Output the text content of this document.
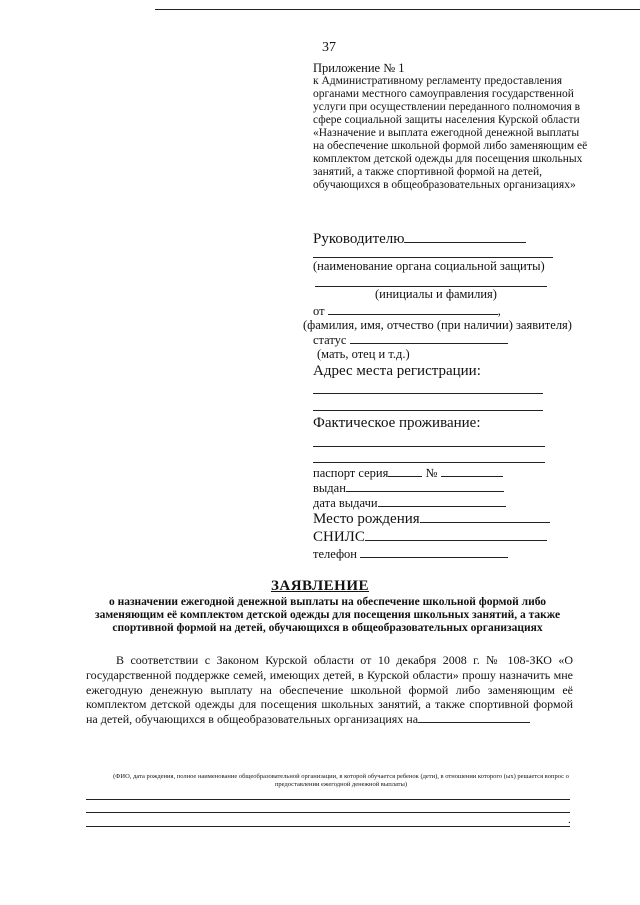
37
Приложение № 1
к Административному регламенту предоставления органами местного самоуправления государственной услуги при осуществлении переданного полномочия в сфере социальной защиты населения Курской области «Назначение и выплата ежегодной денежной выплаты на обеспечение школьной формой либо заменяющим её комплектом детской одежды для посещения школьных занятий, а также спортивной формой на детей, обучающихся в общеобразовательных организациях»
Руководителю
(наименование органа социальной защиты)
(инициалы и фамилия)
от	,
(фамилия, имя, отчество (при наличии) заявителя)
статус
(мать, отец и т.д.)
Адрес места регистрации:
Фактическое проживание:
паспорт серия	№
выдан
дата выдачи
Место рождения
СНИЛС
телефон
ЗАЯВЛЕНИЕ
о назначении ежегодной денежной выплаты на обеспечение школьной формой либо заменяющим её комплектом детской одежды для посещения школьных занятий, а также спортивной формой на детей, обучающихся в общеобразовательных организациях
В соответствии с Законом Курской области от 10 декабря 2008 г. № 108-ЗКО «О государственной поддержке семей, имеющих детей, в Курской области» прошу назначить мне ежегодную денежную выплату на обеспечение школьной формой либо заменяющим её комплектом детской одежды для посещения школьных занятий, а также спортивной формой на детей, обучающихся в общеобразовательных организациях на
(ФИО, дата рождения, полное наименование общеобразовательной организации, в которой обучается ребенок (дети), в отношении которого (ых) решается вопрос о предоставлении ежегодной денежной выплаты)
.
